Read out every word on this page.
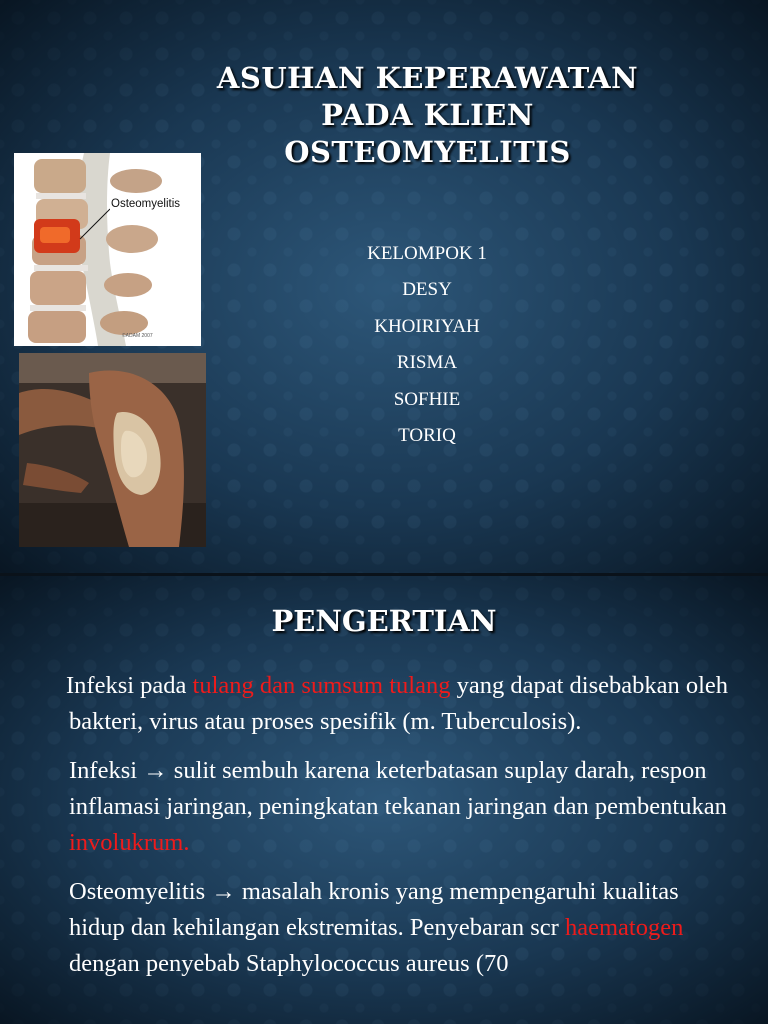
ASUHAN KEPERAWATAN
PADA KLIEN
OSTEOMYELITIS
©ADAM 2007
Osteomyelitis
KELOMPOK 1
DESY
KHOIRIYAH
RISMA
SOFHIE
TORIQ
PENGERTIAN

Infeksi pada tulang dan sumsum tulang yang dapat disebabkan oleh bakteri, virus atau proses spesifik (m. Tuberculosis).

Infeksi → sulit sembuh karena keterbatasan suplay darah, respon inflamasi jaringan, peningkatan tekanan jaringan dan pembentukan involukrum.

Osteomyelitis → masalah kronis yang mempengaruhi kualitas hidup dan kehilangan ekstremitas. Penyebaran scr haematogen dengan penyebab Staphylococcus aureus (70
